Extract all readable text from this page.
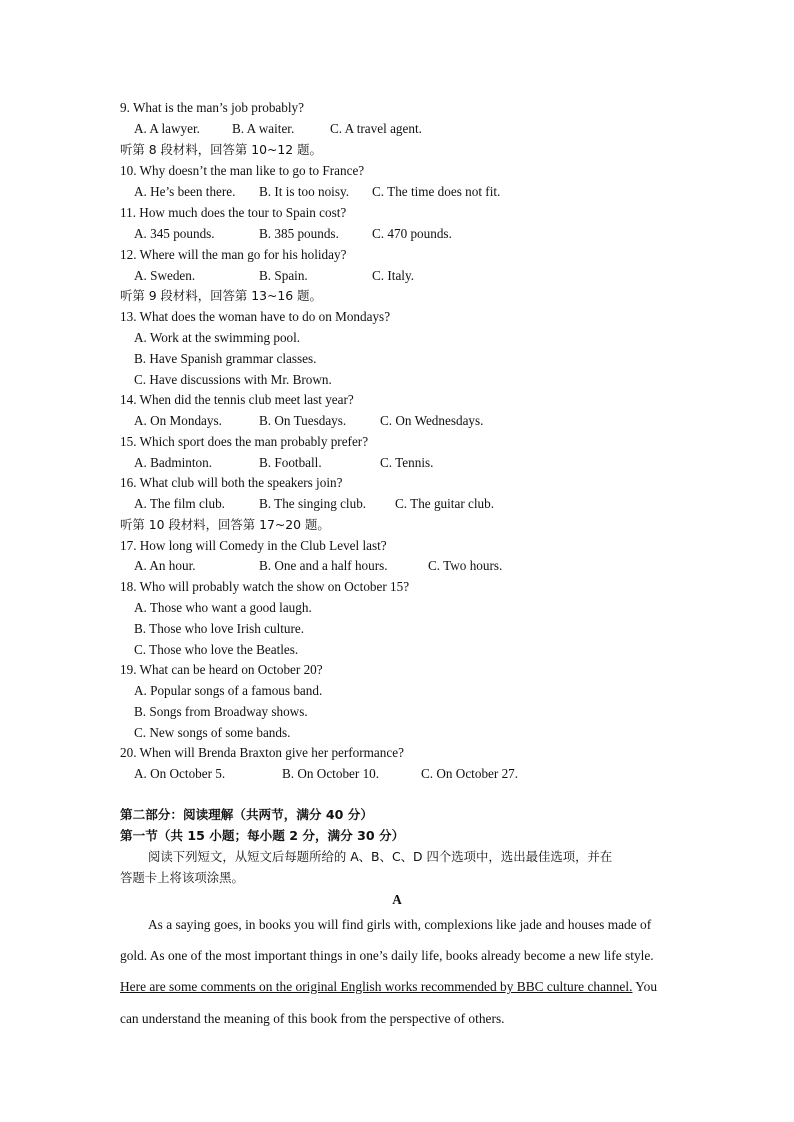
9. What is the man’s job probably?
A. A lawyer. B. A waiter.	C. A travel agent.
听第 8 段材料，回答第 10~12 题。
10. Why doesn’t the man like to go to France?
A. He’s been there. B. It is too noisy. C. The time does not fit.
11. How much does the tour to Spain cost?
A. 345 pounds.	B. 385 pounds.	C. 470 pounds.
12. Where will the man go for his holiday?
A. Sweden.	B. Spain.	C. Italy.
听第 9 段材料，回答第 13~16 题。
13. What does the woman have to do on Mondays?
A. Work at the swimming pool.
B. Have Spanish grammar classes.
C. Have discussions with Mr. Brown.
14. When did the tennis club meet last year?
A. On Mondays.	B. On Tuesdays.	C. On Wednesdays.
15. Which sport does the man probably prefer?
A. Badminton.	B. Football.	C. Tennis.
16. What club will both the speakers join?
A. The film club.	B. The singing club. C. The guitar club.
听第 10 段材料，回答第 17~20 题。
17. How long will Comedy in the Club Level last?
A. An hour.	B. One and a half hours.	C. Two hours.
18. Who will probably watch the show on October 15?
A. Those who want a good laugh.
B. Those who love Irish culture.
C. Those who love the Beatles.
19. What can be heard on October 20?
A. Popular songs of a famous band.
B. Songs from Broadway shows.
C. New songs of some bands.
20. When will Brenda Braxton give her performance?
A. On October 5.	B. On October 10.	C. On October 27.
第二部分：阅读理解（共两节，满分 40 分）
第一节（共 15 小题；每小题 2 分，满分 30 分）
阅读下列短文，从短文后每题所给的 A、B、C、D 四个选项中，选出最佳选项，并在
答题卡上将该项涂黑。
A
As a saying goes, in books you will find girls with, complexions like jade and houses made of
gold. As one of the most important things in one’s daily life, books already become a new life style.
Here are some comments on the original English works recommended by BBC culture channel. You
can understand the meaning of this book from the perspective of others.
